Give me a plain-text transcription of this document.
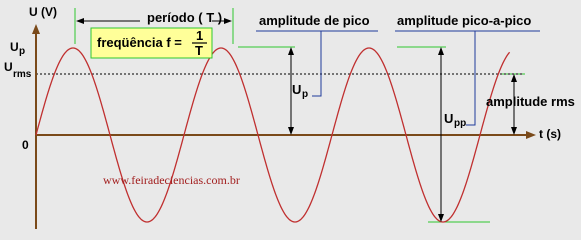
período ( T )
freqüência f = 1
T
amplitude de pico
U p
amplitude pico-a-pico
U pp
amplitude rms
U (V)
t (s)
0
U p
U
rms
www.feiradeciencias.com.br
